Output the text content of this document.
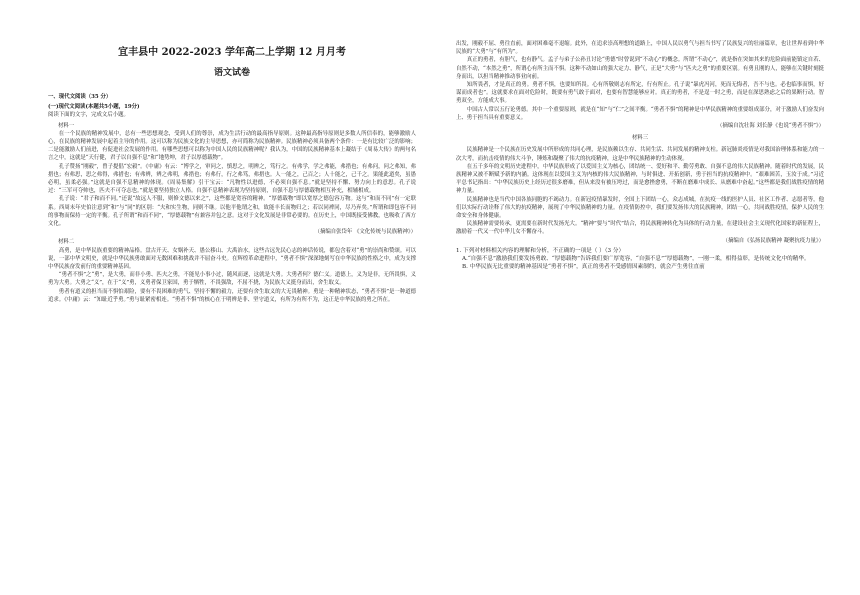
宜丰县中 2022-2023 学年高二上学期 12 月月考
语文试卷

一、现代文阅读（35 分）

(一)现代文阅读(本题共5小题，19分)

阅读下面的文字，完成文后小题。

材料一

在一个民族的精神发展中，总有一些思想观念，受到人们的尊崇，成为生活行动的最高指导原则。这种最高指导原则是多数人所信奉的，能够激励人心，在民族的精神发展中起着主导的作用。这可以称为民族文化的主导思想，亦可简称为民族精神。民族精神必须具备两个条件：一是有比较广泛的影响；二是能激励人们前进，有促进社会发展的作用。有哪些思想可以称为中国人民的民族精神呢？我认为，中国的民族精神基本上凝结于《周易大传》的两句名言之中，这就是“天行健，君子以自强不息”和“地势坤，君子以厚德载物”。

孔子赞扬“刚毅”，曾子提倡“宏毅”。《中庸》有云：“博学之，审问之，慎思之，明辨之，笃行之。有弗学，学之弗能，弗措也；有弗问，问之弗知，弗措也；有弗思，思之弗得，弗措也；有弗辨，辨之弗明，弗措也；有弗行，行之弗笃，弗措也。人一能之，己百之；人十能之，己千之。果能此道矣，虽愚必明，虽柔必强。”这就是自强不息精神的体现。《周易集解》引干宝云：“凡物性以进德，不必须自强不息。”就是坚持不懈、努力向上的意思。孔子说过：“三军可夺帅也，匹夫不可夺志也。”就是要坚持独立人格。自强不息精神表现为坚持原则，自强不息与厚德载物相互补充，相辅相成。

孔子说：“君子和而不同。”还说“故远人不服，则修文德以来之”，这些都是宽容的精神。“厚德载物”即以宽厚之德包容万物。这与“和而不同”有一定联系。西周末年史伯注意到“和”与“同”的区别：“夫和实生物，同则不继。以他平他谓之和，故能丰长而物归之；若以同裨同，尽乃弃矣。”所谓和即包容不同的事物而保持一定的平衡。孔子所谓“和而不同”，“厚德载物”有兼容并包之意。这对于文化发展是非常必要的。在历史上，中国既接受佛教，也吸收了西方文化。

（摘编自张岱年 《文化传统与民族精神》）

材料二

高勇，是中华民族重要的精神品格。盘古开天、女娲补天、愚公移山、大禹治水，这些古远先民心志的神话传说，都包含着对“勇”的崇尚和赞颂。可以说，一部中华文明史，就是中华民族勇敢面对无数困难和挑战并不屈奋斗史。在辉煌革命进程中，“勇者不惧”深深地刻写在中华民族的性格之中，成为支撑中华民族奋发前行的重要精神基因。

“勇者不惧”之“勇”，是大勇，而非小勇、匹夫之勇，不能见小事小过，随风而逐，这就是大勇。大勇者何？德仁义。道德上，义为是非，无所畏惧，义勇为大勇。大勇之“义”，在于“义”勇，义勇者保卫家国，勇于牺牲，不畏强敌，不屈不挠，为民族大义挺身而出，舍生取义。

勇者有道义的担当而不惧怕艰险，要有不畏困难的勇气、坚持不懈的毅力，还要有舍生取义的大无畏精神。勇是一种精神状态，“勇者不惧”是一种道德追求。《中庸》云：“知耻近乎勇。”勇与耻紧密相连。“勇者不惧”的核心在于明辨是非、坚守道义，有所为有所不为，这正是中华民族的勇之所在。

出发，刚毅不屈、勇往直前，面对困难毫不退缩。此外，在追求崇高理想的道路上，中国人民以勇气与担当书写了民族复兴的壮丽篇章，也让世界看到中华民族的“大勇”与“有所为”。

真正的勇者，有胆气，也有静气。孟子与弟子公孙丑讨论“勇德”时曾说到“不动心”的概念。所谓“不动心”，就是指在突如其来的危险面前能镇定自若、自然不动，“本然之勇”，所谓心有所主而不惧。这种不动如山的强大定力、静气，正是“大勇”与“匹夫之勇”的重要区别。有勇且刚的人，能够在关键时刻挺身而出，以担当精神推动事业向前。

知所畏者，才是真正的勇。勇者不惧，也要知所畏。心有所敬则志有所定，行有所止。孔子说“暴虎冯河，死而无悔者，吾不与也。必也临事而惧，好谋而成者也”。这就要求在面对危险时，既要有勇气敢于面对，也要有智慧能够应对。真正的勇者，不是逞一时之勇，而是在深思熟虑之后的果断行动。智勇双全，方能成大事。

中国古人常以五行论勇德。其中一个重要原则，就是在“知”与“仁”之间平衡。“勇者不惧”的精神是中华民族精神的重要组成部分，对于激励人们奋发向上、勇于担当具有重要意义。

（摘编自沈壮海 刘长静《也说“勇者不惧”》）

材料三

民族精神是一个民族在历史发展中所形成的共同心理，是民族赖以生存、共同生活、共同发展的精神支柱。新冠肺炎疫情是对我国治理体系和能力的一次大考，而抗击疫情的伟大斗争，锤炼和凝聚了伟大的抗疫精神，这是中华民族精神的生动体现。

在五千多年的文明历史进程中，中华民族形成了以爱国主义为核心，团结统一、爱好和平、勤劳勇敢、自强不息的伟大民族精神。随着时代的发展，民族精神又被不断赋予新的内涵。这体现在以爱国主义为内核的伟大民族精神，与时俱进、开拓创新，勇于担当的抗疫精神中。“艰难困苦，玉汝于成。”习近平总书记指出：“中华民族历史上经历过很多磨难，但从来没有被压垮过，而是愈挫愈勇，不断在磨难中成长、从磨难中奋起。”这些都是我们战胜疫情的精神力量。

民族精神也是当代中国各族同胞的不竭动力。在新冠疫情暴发时，全国上下团结一心，众志成城，在抗疫一线的医护人员、社区工作者、志愿者等，他们以实际行动诠释了伟大的抗疫精神，展现了中华民族精神的力量。在疫情防控中，我们要发扬伟大的民族精神，团结一心，共同战胜疫情，保护人民的生命安全和身体健康。

民族精神需要传承，更需要在新时代发扬光大。“精神”要与“时代”结合，将民族精神转化为具体的行动力量，在建设社会主义现代化国家的新征程上，激励着一代又一代中华儿女不懈奋斗。

（摘编自《弘扬民族精神 凝聚抗疫力量》）

1. 下列对材料相关内容的理解和分析，不正确的一项是（ ）（3 分）

A.“自强不息”激励我们要发扬勇敢、“厚德载物”告诉我们要广厚宽容，“自强不息”“厚德载物”，一刚一柔，相得益彰，是传统文化中的精华。

B. 中华民族无比重要的精神基因是“勇者不惧”，真正的勇者不受感情因素制约，就会产生勇往直前
